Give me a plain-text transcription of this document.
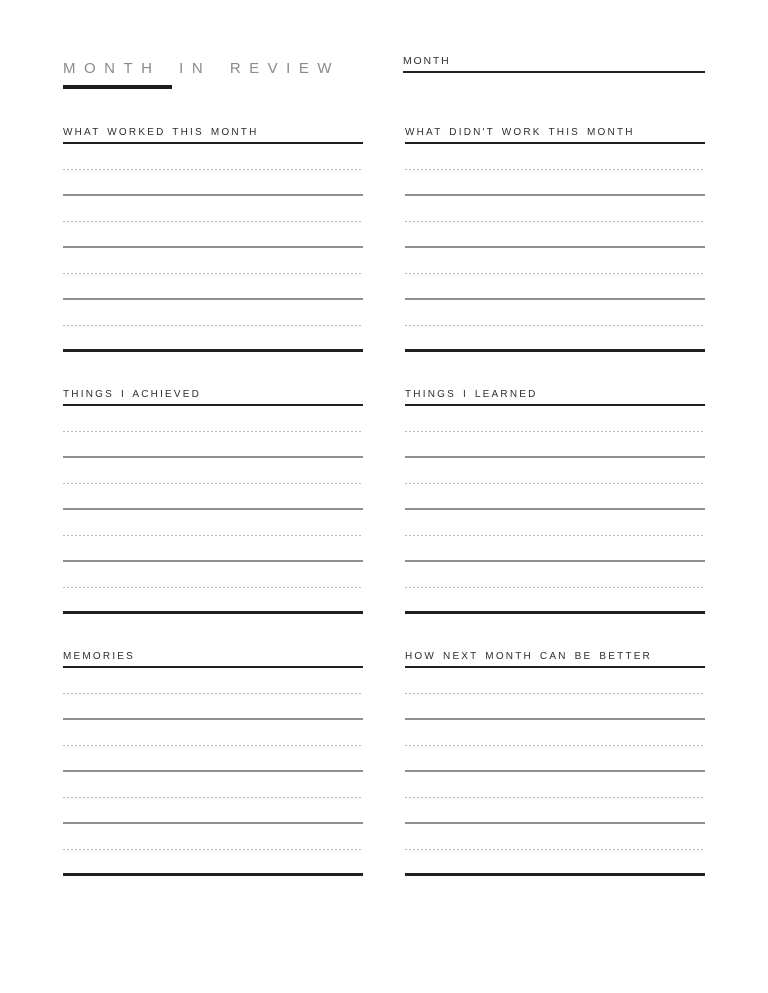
MONTH IN REVIEW	MONTH
WHAT WORKED THIS MONTH	WHAT DIDN'T WORK THIS MONTH
THINGS I ACHIEVED	THINGS I LEARNED
MEMORIES	HOW NEXT MONTH CAN BE BETTER
